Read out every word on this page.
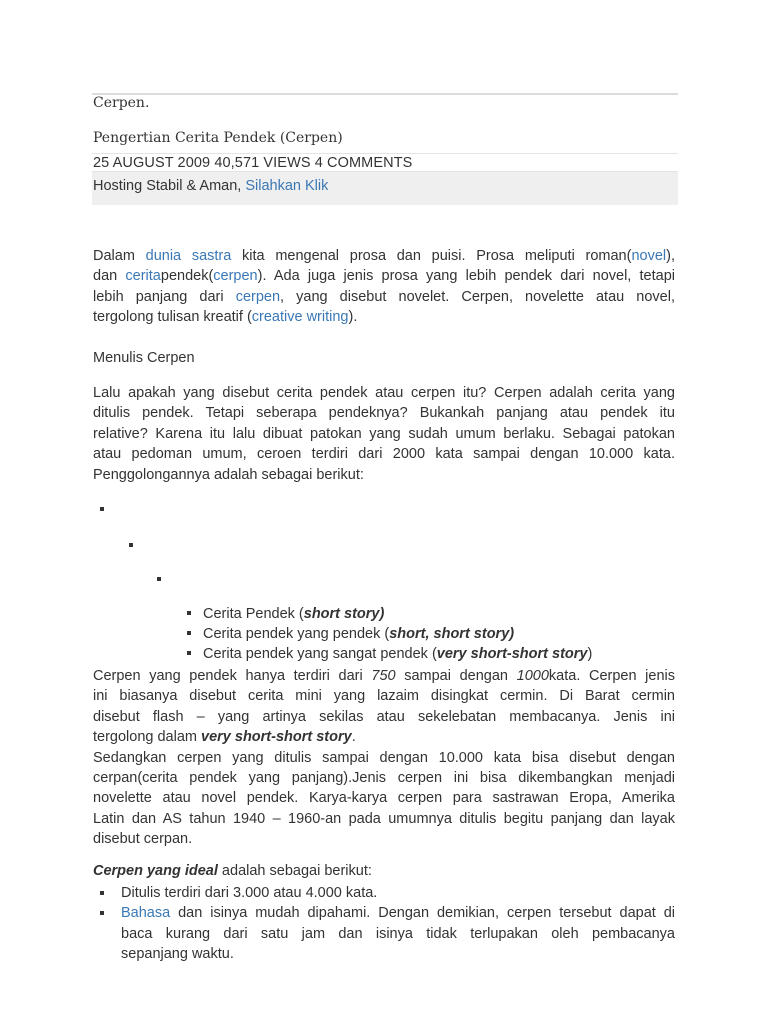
Cerpen.
Pengertian Cerita Pendek (Cerpen)
25 AUGUST 2009 40,571 VIEWS 4 COMMENTS
Hosting Stabil & Aman, Silahkan Klik
Dalam dunia sastra kita mengenal prosa dan puisi. Prosa meliputi roman(novel),
dan ceritapendek(cerpen). Ada juga jenis prosa yang lebih pendek dari novel, tetapi
lebih panjang dari cerpen, yang disebut novelet. Cerpen, novelette atau novel,
tergolong tulisan kreatif (creative writing).
Menulis Cerpen
Lalu apakah yang disebut cerita pendek atau cerpen itu? Cerpen adalah cerita yang
ditulis pendek. Tetapi seberapa pendeknya? Bukankah panjang atau pendek itu
relative? Karena itu lalu dibuat patokan yang sudah umum berlaku. Sebagai patokan
atau pedoman umum, ceroen terdiri dari 2000 kata sampai dengan 10.000 kata.
Penggolongannya adalah sebagai berikut:
Cerita Pendek (short story)
Cerita pendek yang pendek (short, short story)
Cerita pendek yang sangat pendek (very short-short story)
Cerpen yang pendek hanya terdiri dari 750 sampai dengan 1000kata. Cerpen jenis
ini biasanya disebut cerita mini yang lazaim disingkat cermin. Di Barat cermin
disebut flash – yang artinya sekilas atau sekelebatan membacanya. Jenis ini
tergolong dalam very short-short story.
Sedangkan cerpen yang ditulis sampai dengan 10.000 kata bisa disebut dengan
cerpan(cerita pendek yang panjang).Jenis cerpen ini bisa dikembangkan menjadi
novelette atau novel pendek. Karya-karya cerpen para sastrawan Eropa, Amerika
Latin dan AS tahun 1940 – 1960-an pada umumnya ditulis begitu panjang dan layak
disebut cerpan.
Cerpen yang ideal adalah sebagai berikut:
Ditulis terdiri dari 3.000 atau 4.000 kata.
Bahasa dan isinya mudah dipahami. Dengan demikian, cerpen tersebut dapat di
baca kurang dari satu jam dan isinya tidak terlupakan oleh pembacanya
sepanjang waktu.
